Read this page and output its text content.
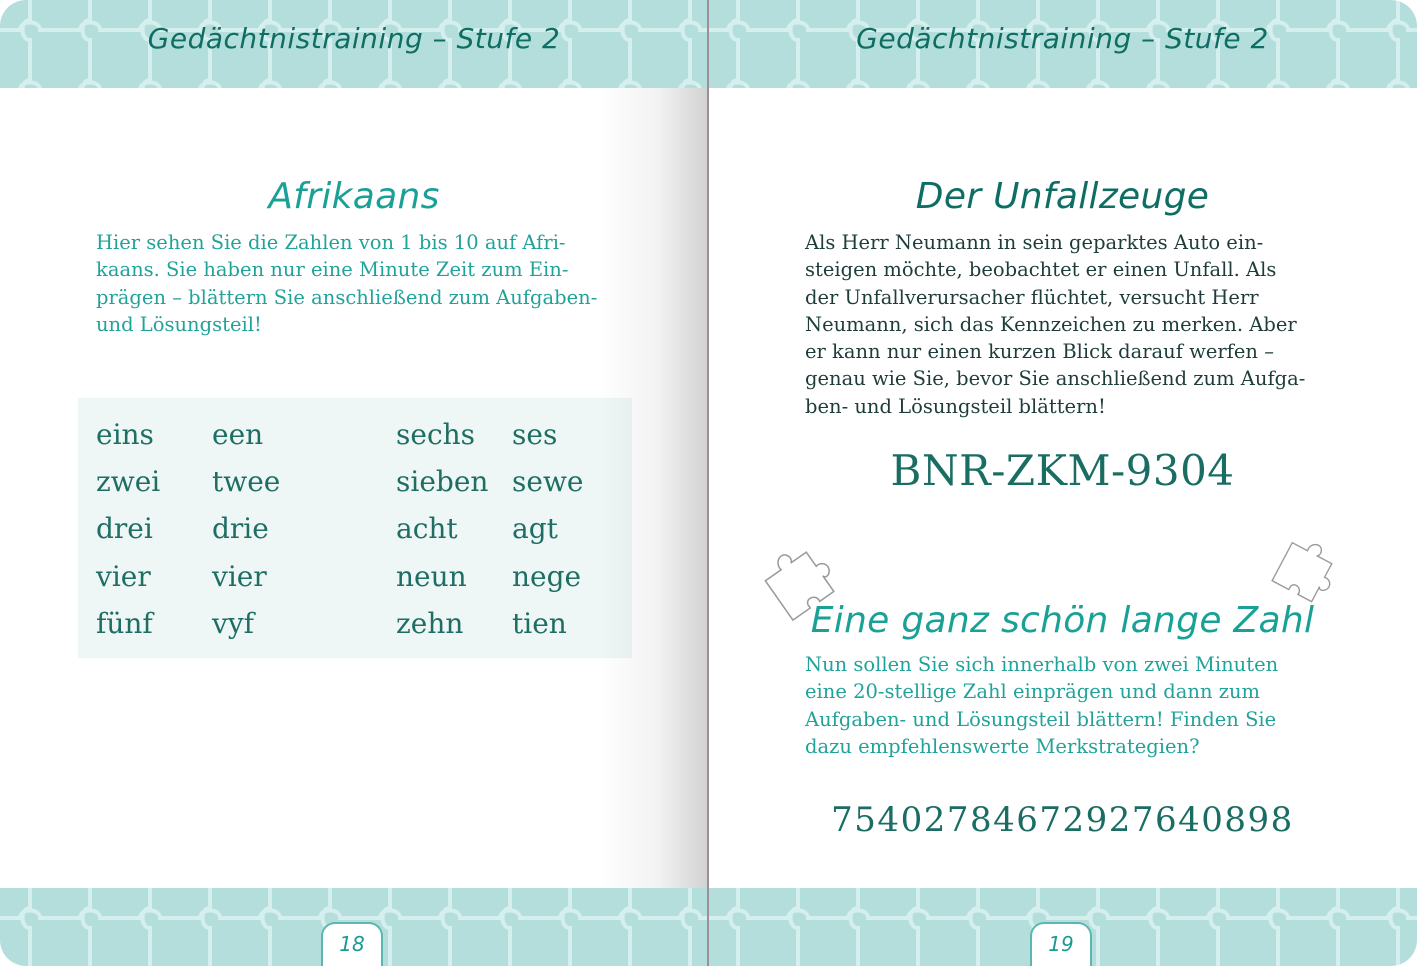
Gedächtnistraining – Stufe 2
Afrikaans
Hier sehen Sie die Zahlen von 1 bis 10 auf Afri-
kaans. Sie haben nur eine Minute Zeit zum Ein-
prägen – blättern Sie anschließend zum Aufgaben-
und Lösungsteil!
eins een	sechs ses
zwei twee	sieben sewe
drei drie	acht agt
vier vier	neun nege
fünf vyf	zehn tien
18
Gedächtnistraining – Stufe 2
Der Unfallzeuge
Als Herr Neumann in sein geparktes Auto ein-
steigen möchte, beobachtet er einen Unfall. Als
der Unfallverursacher flüchtet, versucht Herr
Neumann, sich das Kennzeichen zu merken. Aber
er kann nur einen kurzen Blick darauf werfen –
genau wie Sie, bevor Sie anschließend zum Aufga-
ben- und Lösungsteil blättern!
Eine ganz schön lange Zahl
Nun sollen Sie sich innerhalb von zwei Minuten
eine 20-stellige Zahl einprägen und dann zum
Aufgaben- und Lösungsteil blättern! Finden Sie
dazu empfehlenswerte Merkstrategien?
19
BNR-ZKM-9304
75402784672927640898
